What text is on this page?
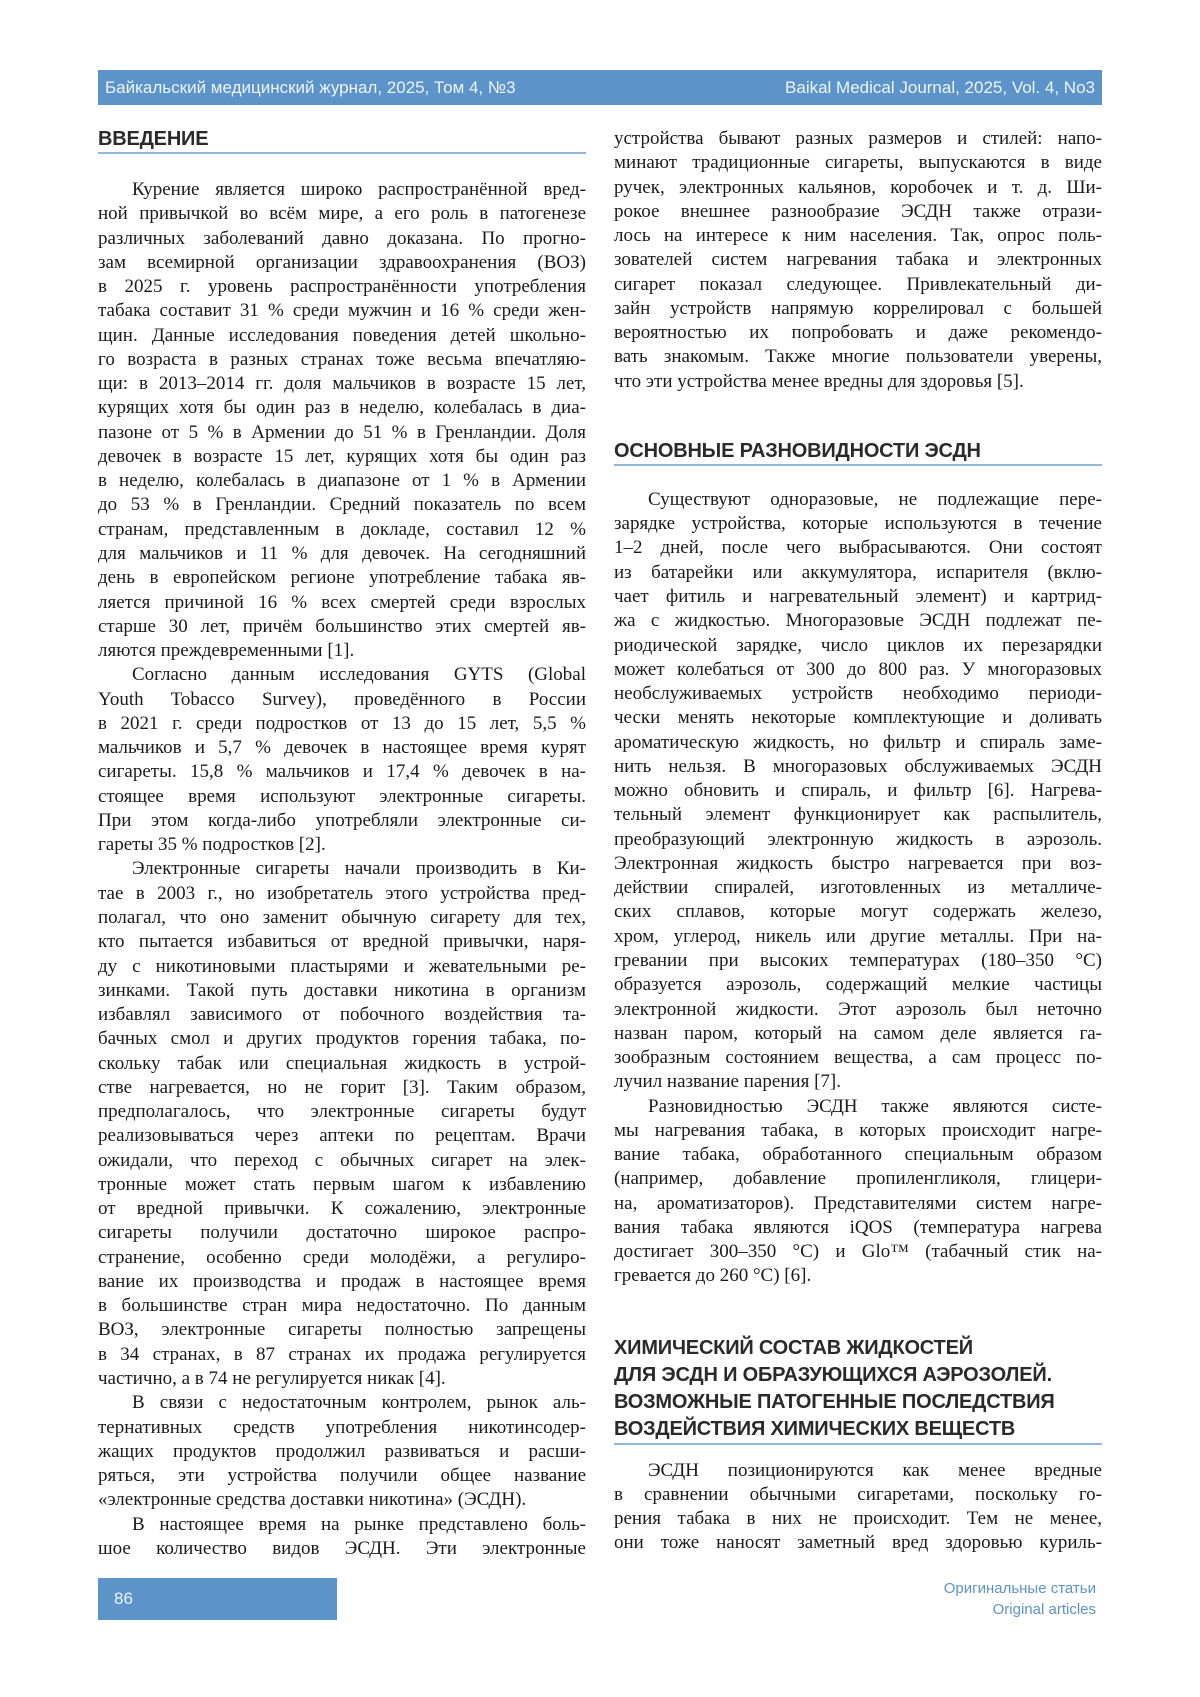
Байкальский медицинский журнал, 2025, Том 4, №3	Baikal Medical Journal, 2025, Vol. 4, No3
ВВЕДЕНИЕ
Курение является широко распространённой вред-
ной привычкой во всём мире, а его роль в патогенезе
различных заболеваний давно доказана. По прогно-
зам всемирной организации здравоохранения (ВОЗ)
в 2025 г. уровень распространённости употребления
табака составит 31 % среди мужчин и 16 % среди жен-
щин. Данные исследования поведения детей школьно-
го возраста в разных странах тоже весьма впечатляю-
щи: в 2013–2014 гг. доля мальчиков в возрасте 15 лет,
курящих хотя бы один раз в неделю, колебалась в диа-
пазоне от 5 % в Армении до 51 % в Гренландии. Доля
девочек в возрасте 15 лет, курящих хотя бы один раз
в неделю, колебалась в диапазоне от 1 % в Армении
до 53 % в Гренландии. Средний показатель по всем
странам, представленным в докладе, составил 12 %
для мальчиков и 11 % для девочек. На сегодняшний
день в европейском регионе употребление табака яв-
ляется причиной 16 % всех смертей среди взрослых
старше 30 лет, причём большинство этих смертей яв-
ляются преждевременными [1].
Согласно данным исследования GYTS (Global
Youth Tobacco Survey), проведённого в России
в 2021 г. среди подростков от 13 до 15 лет, 5,5 %
мальчиков и 5,7 % девочек в настоящее время курят
сигареты. 15,8 % мальчиков и 17,4 % девочек в на-
стоящее время используют электронные сигареты.
При этом когда-либо употребляли электронные си-
гареты 35 % подростков [2].
Электронные сигареты начали производить в Ки-
тае в 2003 г., но изобретатель этого устройства пред-
полагал, что оно заменит обычную сигарету для тех,
кто пытается избавиться от вредной привычки, наря-
ду с никотиновыми пластырями и жевательными ре-
зинками. Такой путь доставки никотина в организм
избавлял зависимого от побочного воздействия та-
бачных смол и других продуктов горения табака, по-
скольку табак или специальная жидкость в устрой-
стве нагревается, но не горит [3]. Таким образом,
предполагалось, что электронные сигареты будут
реализовываться через аптеки по рецептам. Врачи
ожидали, что переход с обычных сигарет на элек-
тронные может стать первым шагом к избавлению
от вредной привычки. К сожалению, электронные
сигареты получили достаточно широкое распро-
странение, особенно среди молодёжи, а регулиро-
вание их производства и продаж в настоящее время
в большинстве стран мира недостаточно. По данным
ВОЗ, электронные сигареты полностью запрещены
в 34 странах, в 87 странах их продажа регулируется
частично, а в 74 не регулируется никак [4].
В связи с недостаточным контролем, рынок аль-
тернативных средств употребления никотинсодер-
жащих продуктов продолжил развиваться и расши-
ряться, эти устройства получили общее название
«электронные средства доставки никотина» (ЭСДН).
В настоящее время на рынке представлено боль-
шое количество видов ЭСДН. Эти электронные
устройства бывают разных размеров и стилей: напо-
минают традиционные сигареты, выпускаются в виде
ручек, электронных кальянов, коробочек и т. д. Ши-
рокое внешнее разнообразие ЭСДН также отрази-
лось на интересе к ним населения. Так, опрос поль-
зователей систем нагревания табака и электронных
сигарет показал следующее. Привлекательный ди-
зайн устройств напрямую коррелировал с большей
вероятностью их попробовать и даже рекомендо-
вать знакомым. Также многие пользователи уверены,
что эти устройства менее вредны для здоровья [5].
ОСНОВНЫЕ РАЗНОВИДНОСТИ ЭСДН
Существуют одноразовые, не подлежащие пере-
зарядке устройства, которые используются в течение
1–2 дней, после чего выбрасываются. Они состоят
из батарейки или аккумулятора, испарителя (вклю-
чает фитиль и нагревательный элемент) и картрид-
жа с жидкостью. Многоразовые ЭСДН подлежат пе-
риодической зарядке, число циклов их перезарядки
может колебаться от 300 до 800 раз. У многоразовых
необслуживаемых устройств необходимо периоди-
чески менять некоторые комплектующие и доливать
ароматическую жидкость, но фильтр и спираль заме-
нить нельзя. В многоразовых обслуживаемых ЭСДН
можно обновить и спираль, и фильтр [6]. Нагрева-
тельный элемент функционирует как распылитель,
преобразующий электронную жидкость в аэрозоль.
Электронная жидкость быстро нагревается при воз-
действии спиралей, изготовленных из металличе-
ских сплавов, которые могут содержать железо,
хром, углерод, никель или другие металлы. При на-
гревании при высоких температурах (180–350 °C)
образуется аэрозоль, содержащий мелкие частицы
электронной жидкости. Этот аэрозоль был неточно
назван паром, который на самом деле является га-
зообразным состоянием вещества, а сам процесс по-
лучил название парения [7].
Разновидностью ЭСДН также являются систе-
мы нагревания табака, в которых происходит нагре-
вание табака, обработанного специальным образом
(например, добавление пропиленгликоля, глицери-
на, ароматизаторов). Представителями систем нагре-
вания табака являются iQOS (температура нагрева
достигает 300–350 °C) и Glo™ (табачный стик на-
гревается до 260 °C) [6].
ХИМИЧЕСКИЙ СОСТАВ ЖИДКОСТЕЙ
ДЛЯ ЭСДН И ОБРАЗУЮЩИХСЯ АЭРОЗОЛЕЙ.
ВОЗМОЖНЫЕ ПАТОГЕННЫЕ ПОСЛЕДСТВИЯ
ВОЗДЕЙСТВИЯ ХИМИЧЕСКИХ ВЕЩЕСТВ
ЭСДН позиционируются как менее вредные
в сравнении обычными сигаретами, поскольку го-
рения табака в них не происходит. Тем не менее,
они тоже наносят заметный вред здоровью куриль-
86
Оригинальные статьи
Original articles
